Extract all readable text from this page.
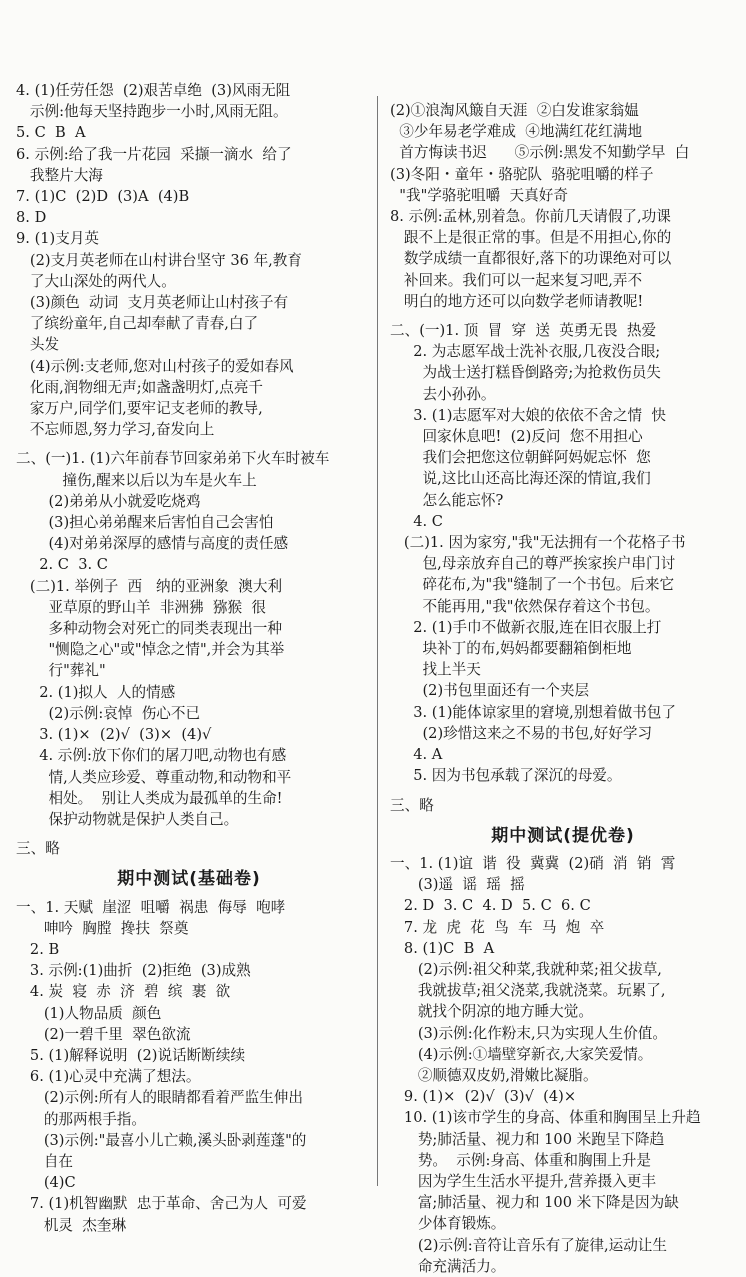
4. (1)任劳任怨  (2)艰苦卓绝  (3)风雨无阻
示例:他每天坚持跑步一小时,风雨无阻。
5. C  B  A
6. 示例:给了我一片花园  采撷一滴水  给了
我整片大海
7. (1)C  (2)D  (3)A  (4)B
8. D
9. (1)支月英
(2)支月英老师在山村讲台坚守 36 年,教育
了大山深处的两代人。
(3)颜色  动词  支月英老师让山村孩子有
了缤纷童年,自己却奉献了青春,白了
头发
(4)示例:支老师,您对山村孩子的爱如春风
化雨,润物细无声;如盏盏明灯,点亮千
家万户,同学们,要牢记支老师的教导,
不忘师恩,努力学习,奋发向上
二、(一)1. (1)六年前春节回家弟弟下火车时被车
撞伤,醒来以后以为车是火车上
(2)弟弟从小就爱吃烧鸡
(3)担心弟弟醒来后害怕自己会害怕
(4)对弟弟深厚的感情与高度的责任感
2. C  3. C
(二)1. 举例子  西   纳的亚洲象  澳大利
亚草原的野山羊  非洲狒  猕猴  很
多种动物会对死亡的同类表现出一种
"恻隐之心"或"悼念之情",并会为其举
行"葬礼"
2. (1)拟人  人的情感
(2)示例:哀悼  伤心不已
3. (1)×  (2)√  (3)×  (4)√
4. 示例:放下你们的屠刀吧,动物也有感
情,人类应珍爱、尊重动物,和动物和平
相处。  别让人类成为最孤单的生命!
保护动物就是保护人类自己。
三、略
期中测试(基础卷)
一、1. 天赋  崖涩  咀嚼  祸患  侮辱  咆哮
呻吟  胸膛  搀扶  祭奠
2. B
3. 示例:(1)曲折  (2)拒绝  (3)成熟
4. 炭  寝  赤  济  碧  缤  裹  欲
(1)人物品质  颜色
(2)一碧千里  翠色欲流
5. (1)解释说明  (2)说话断断续续
6. (1)心灵中充满了想法。
(2)示例:所有人的眼睛都看着严监生伸出
的那两根手指。
(3)示例:"最喜小儿亡赖,溪头卧剥莲蓬"的
自在
(4)C
7. (1)机智幽默  忠于革命、舍己为人  可爱
机灵  杰奎琳
(2)①浪淘风簸自天涯  ②白发谁家翁媪
③少年易老学难成  ④地满红花红满地
首方悔读书迟      ⑤示例:黑发不知勤学早  白
(3)冬阳・童年・骆驼队  骆驼咀嚼的样子
"我"学骆驼咀嚼  天真好奇
8. 示例:孟林,别着急。你前几天请假了,功课
跟不上是很正常的事。但是不用担心,你的
数学成绩一直都很好,落下的功课绝对可以
补回来。我们可以一起来复习吧,弄不
明白的地方还可以向数学老师请教呢!
二、(一)1. 顶  冒  穿  送  英勇无畏  热爱
2. 为志愿军战士洗补衣服,几夜没合眼;
为战士送打糕昏倒路旁;为抢救伤员失
去小孙孙。
3. (1)志愿军对大娘的依依不舍之情  快
回家休息吧!  (2)反问  您不用担心
我们会把您这位朝鲜阿妈妮忘怀  您
说,这比山还高比海还深的情谊,我们
怎么能忘怀?
4. C
(二)1. 因为家穷,"我"无法拥有一个花格子书
包,母亲放弃自己的尊严挨家挨户串门讨
碎花布,为"我"缝制了一个书包。后来它
不能再用,"我"依然保存着这个书包。
2. (1)手巾不做新衣服,连在旧衣服上打
块补丁的布,妈妈都要翻箱倒柜地
找上半天
(2)书包里面还有一个夹层
3. (1)能体谅家里的窘境,别想着做书包了
(2)珍惜这来之不易的书包,好好学习
4. A
5. 因为书包承载了深沉的母爱。
三、略
期中测试(提优卷)
一、1. (1)谊  谐  役  冀冀  (2)硝  消  销  霄
(3)遥  谣  瑶  摇
2. D  3. C  4. D  5. C  6. C
7. 龙  虎  花  鸟  车  马  炮  卒
8. (1)C  B  A
(2)示例:祖父种菜,我就种菜;祖父拔草,
我就拔草;祖父浇菜,我就浇菜。玩累了,
就找个阴凉的地方睡大觉。
(3)示例:化作粉末,只为实现人生价值。
(4)示例:①墙壁穿新衣,大家笑爱情。
②顺德双皮奶,滑嫩比凝脂。
9. (1)×  (2)√  (3)√  (4)×
10. (1)该市学生的身高、体重和胸围呈上升趋
势;肺活量、视力和 100 米跑呈下降趋
势。  示例:身高、体重和胸围上升是
因为学生生活水平提升,营养摄入更丰
富;肺活量、视力和 100 米下降是因为缺
少体育锻炼。
(2)示例:音符让音乐有了旋律,运动让生
命充满活力。
